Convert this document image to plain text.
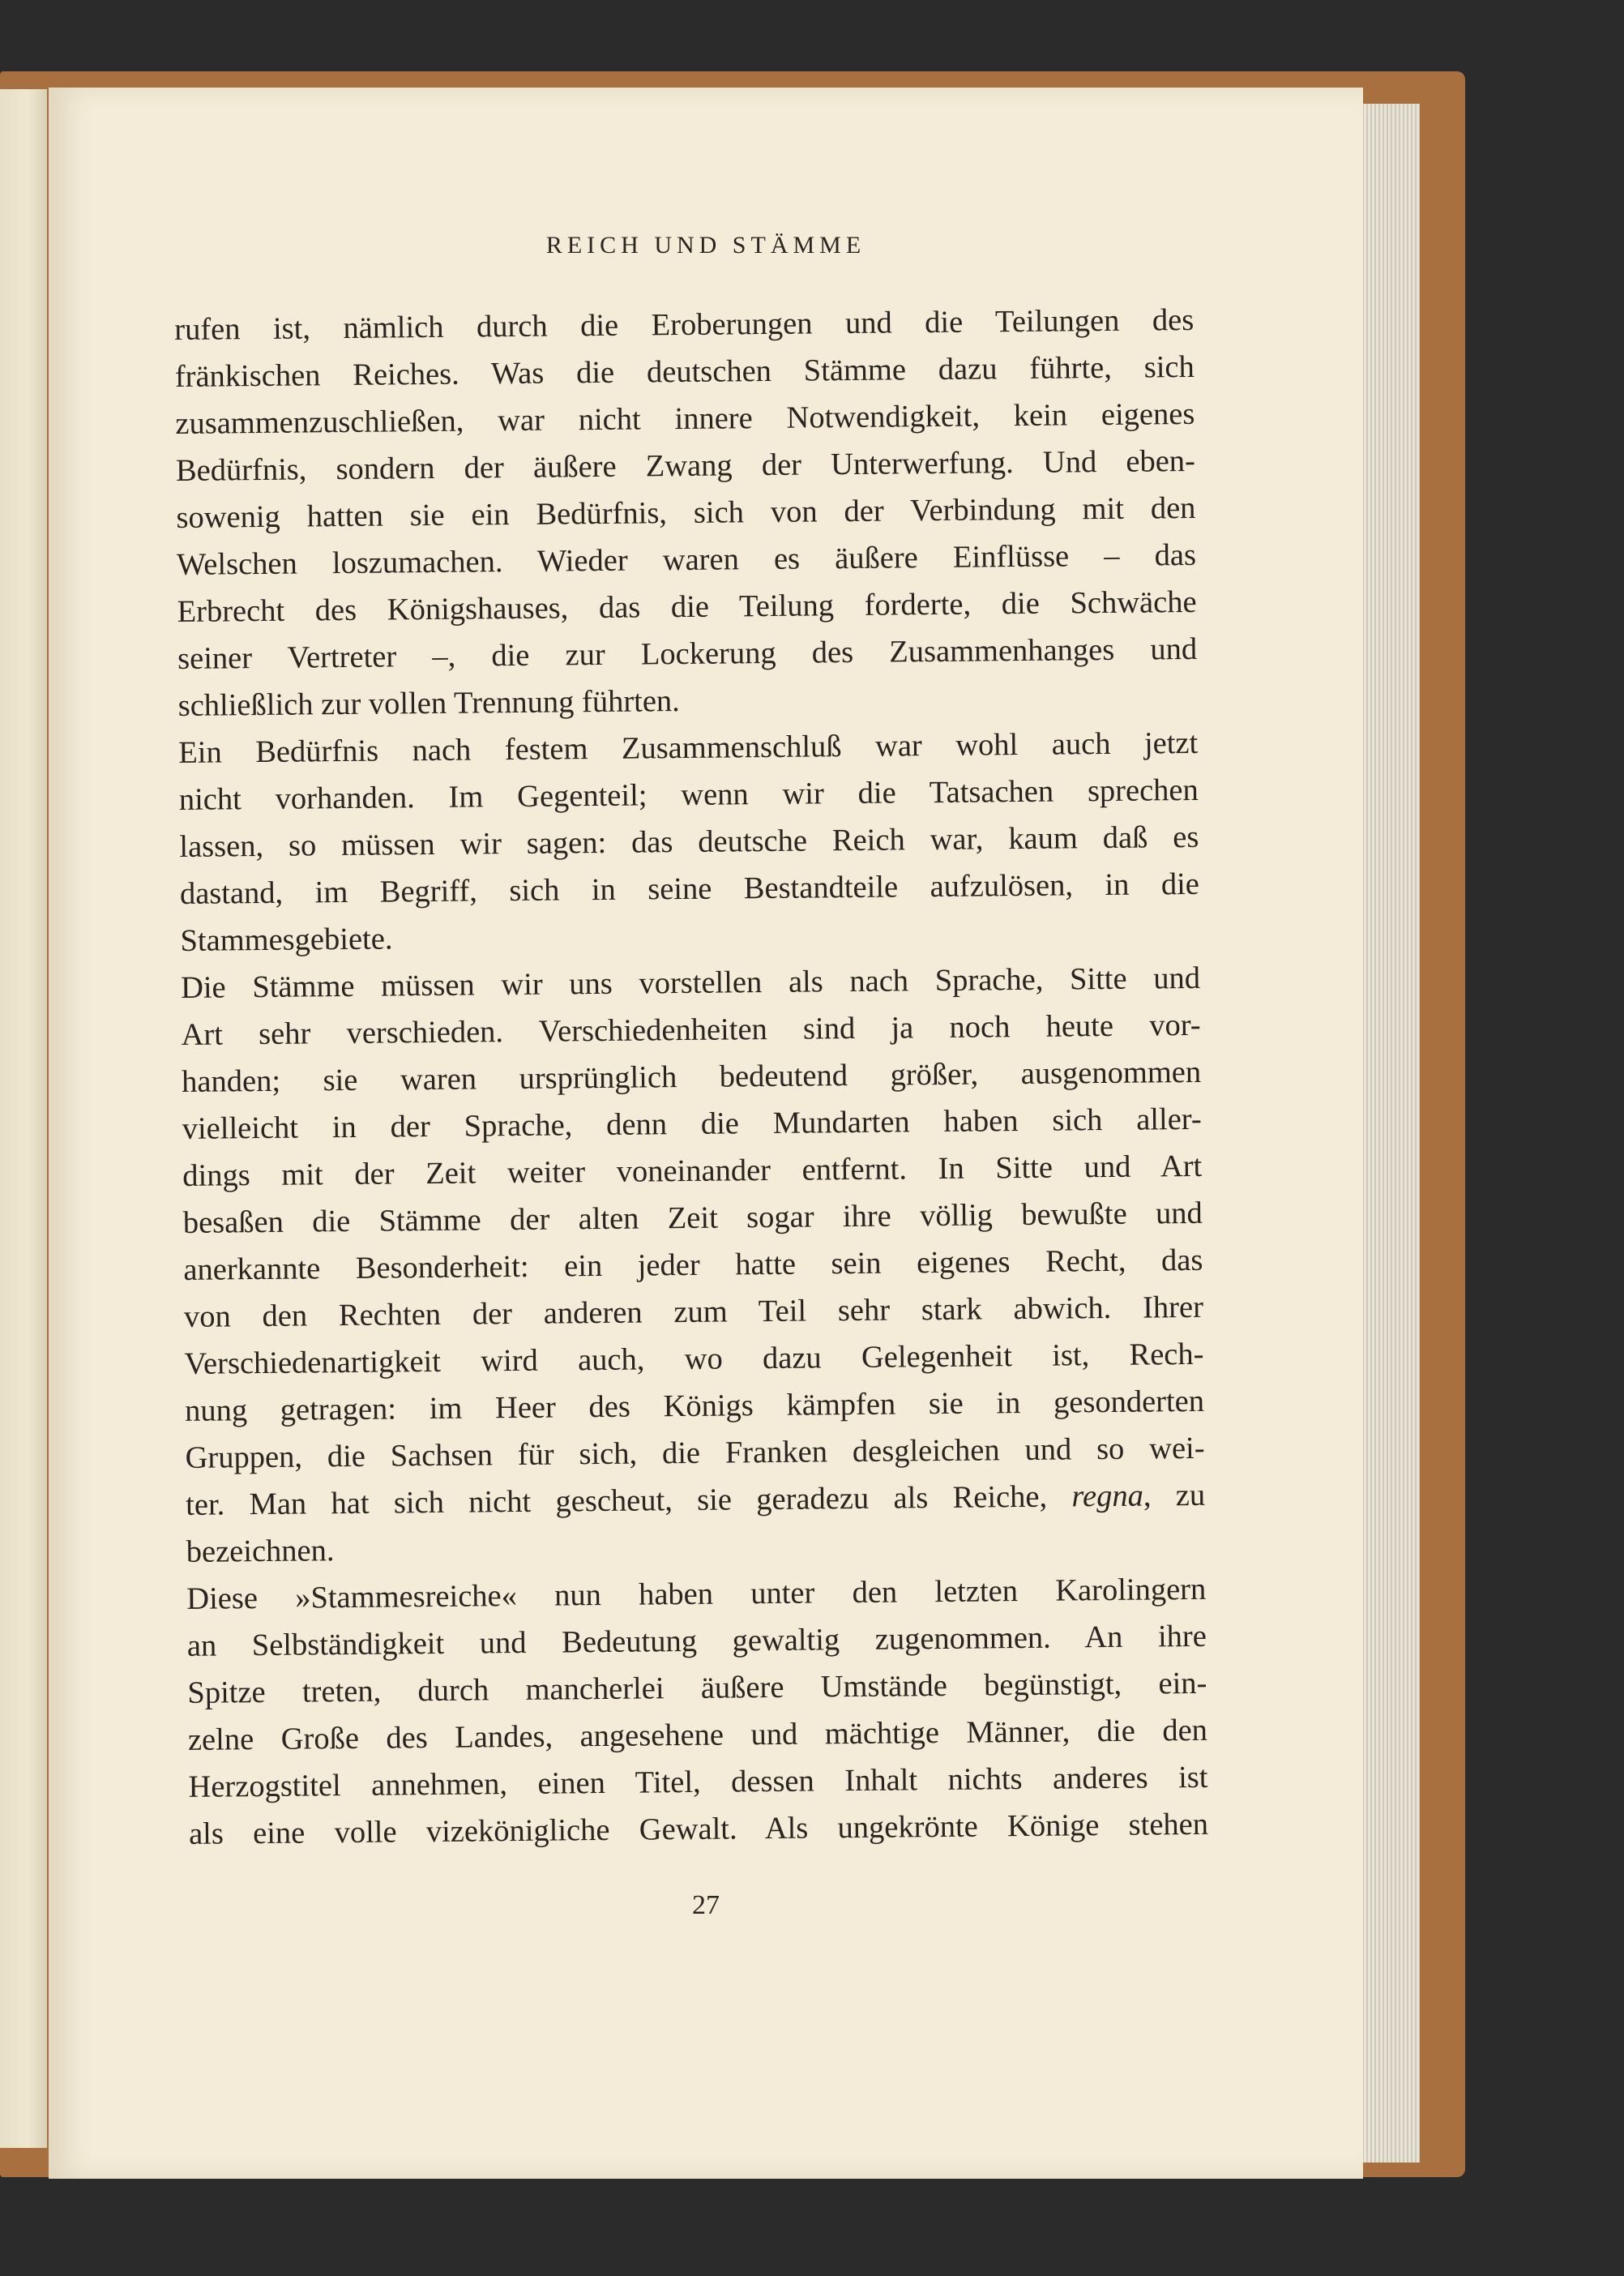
REICH UND STÄMME

rufen ist, nämlich durch die Eroberungen und die Teilungen des
fränkischen Reiches. Was die deutschen Stämme dazu führte, sich
zusammenzuschließen, war nicht innere Notwendigkeit, kein eigenes
Bedürfnis, sondern der äußere Zwang der Unterwerfung. Und eben-
sowenig hatten sie ein Bedürfnis, sich von der Verbindung mit den
Welschen loszumachen. Wieder waren es äußere Einflüsse – das
Erbrecht des Königshauses, das die Teilung forderte, die Schwäche
seiner Vertreter –, die zur Lockerung des Zusammenhanges und
schließlich zur vollen Trennung führten.

Ein Bedürfnis nach festem Zusammenschluß war wohl auch jetzt
nicht vorhanden. Im Gegenteil; wenn wir die Tatsachen sprechen
lassen, so müssen wir sagen: das deutsche Reich war, kaum daß es
dastand, im Begriff, sich in seine Bestandteile aufzulösen, in die
Stammesgebiete.

Die Stämme müssen wir uns vorstellen als nach Sprache, Sitte und
Art sehr verschieden. Verschiedenheiten sind ja noch heute vor-
handen; sie waren ursprünglich bedeutend größer, ausgenommen
vielleicht in der Sprache, denn die Mundarten haben sich aller-
dings mit der Zeit weiter voneinander entfernt. In Sitte und Art
besaßen die Stämme der alten Zeit sogar ihre völlig bewußte und
anerkannte Besonderheit: ein jeder hatte sein eigenes Recht, das
von den Rechten der anderen zum Teil sehr stark abwich. Ihrer
Verschiedenartigkeit wird auch, wo dazu Gelegenheit ist, Rech-
nung getragen: im Heer des Königs kämpfen sie in gesonderten
Gruppen, die Sachsen für sich, die Franken desgleichen und so wei-
ter. Man hat sich nicht gescheut, sie geradezu als Reiche, regna, zu
bezeichnen.

Diese »Stammesreiche« nun haben unter den letzten Karolingern
an Selbständigkeit und Bedeutung gewaltig zugenommen. An ihre
Spitze treten, durch mancherlei äußere Umstände begünstigt, ein-
zelne Große des Landes, angesehene und mächtige Männer, die den
Herzogstitel annehmen, einen Titel, dessen Inhalt nichts anderes ist
als eine volle vizekönigliche Gewalt. Als ungekrönte Könige stehen

27
